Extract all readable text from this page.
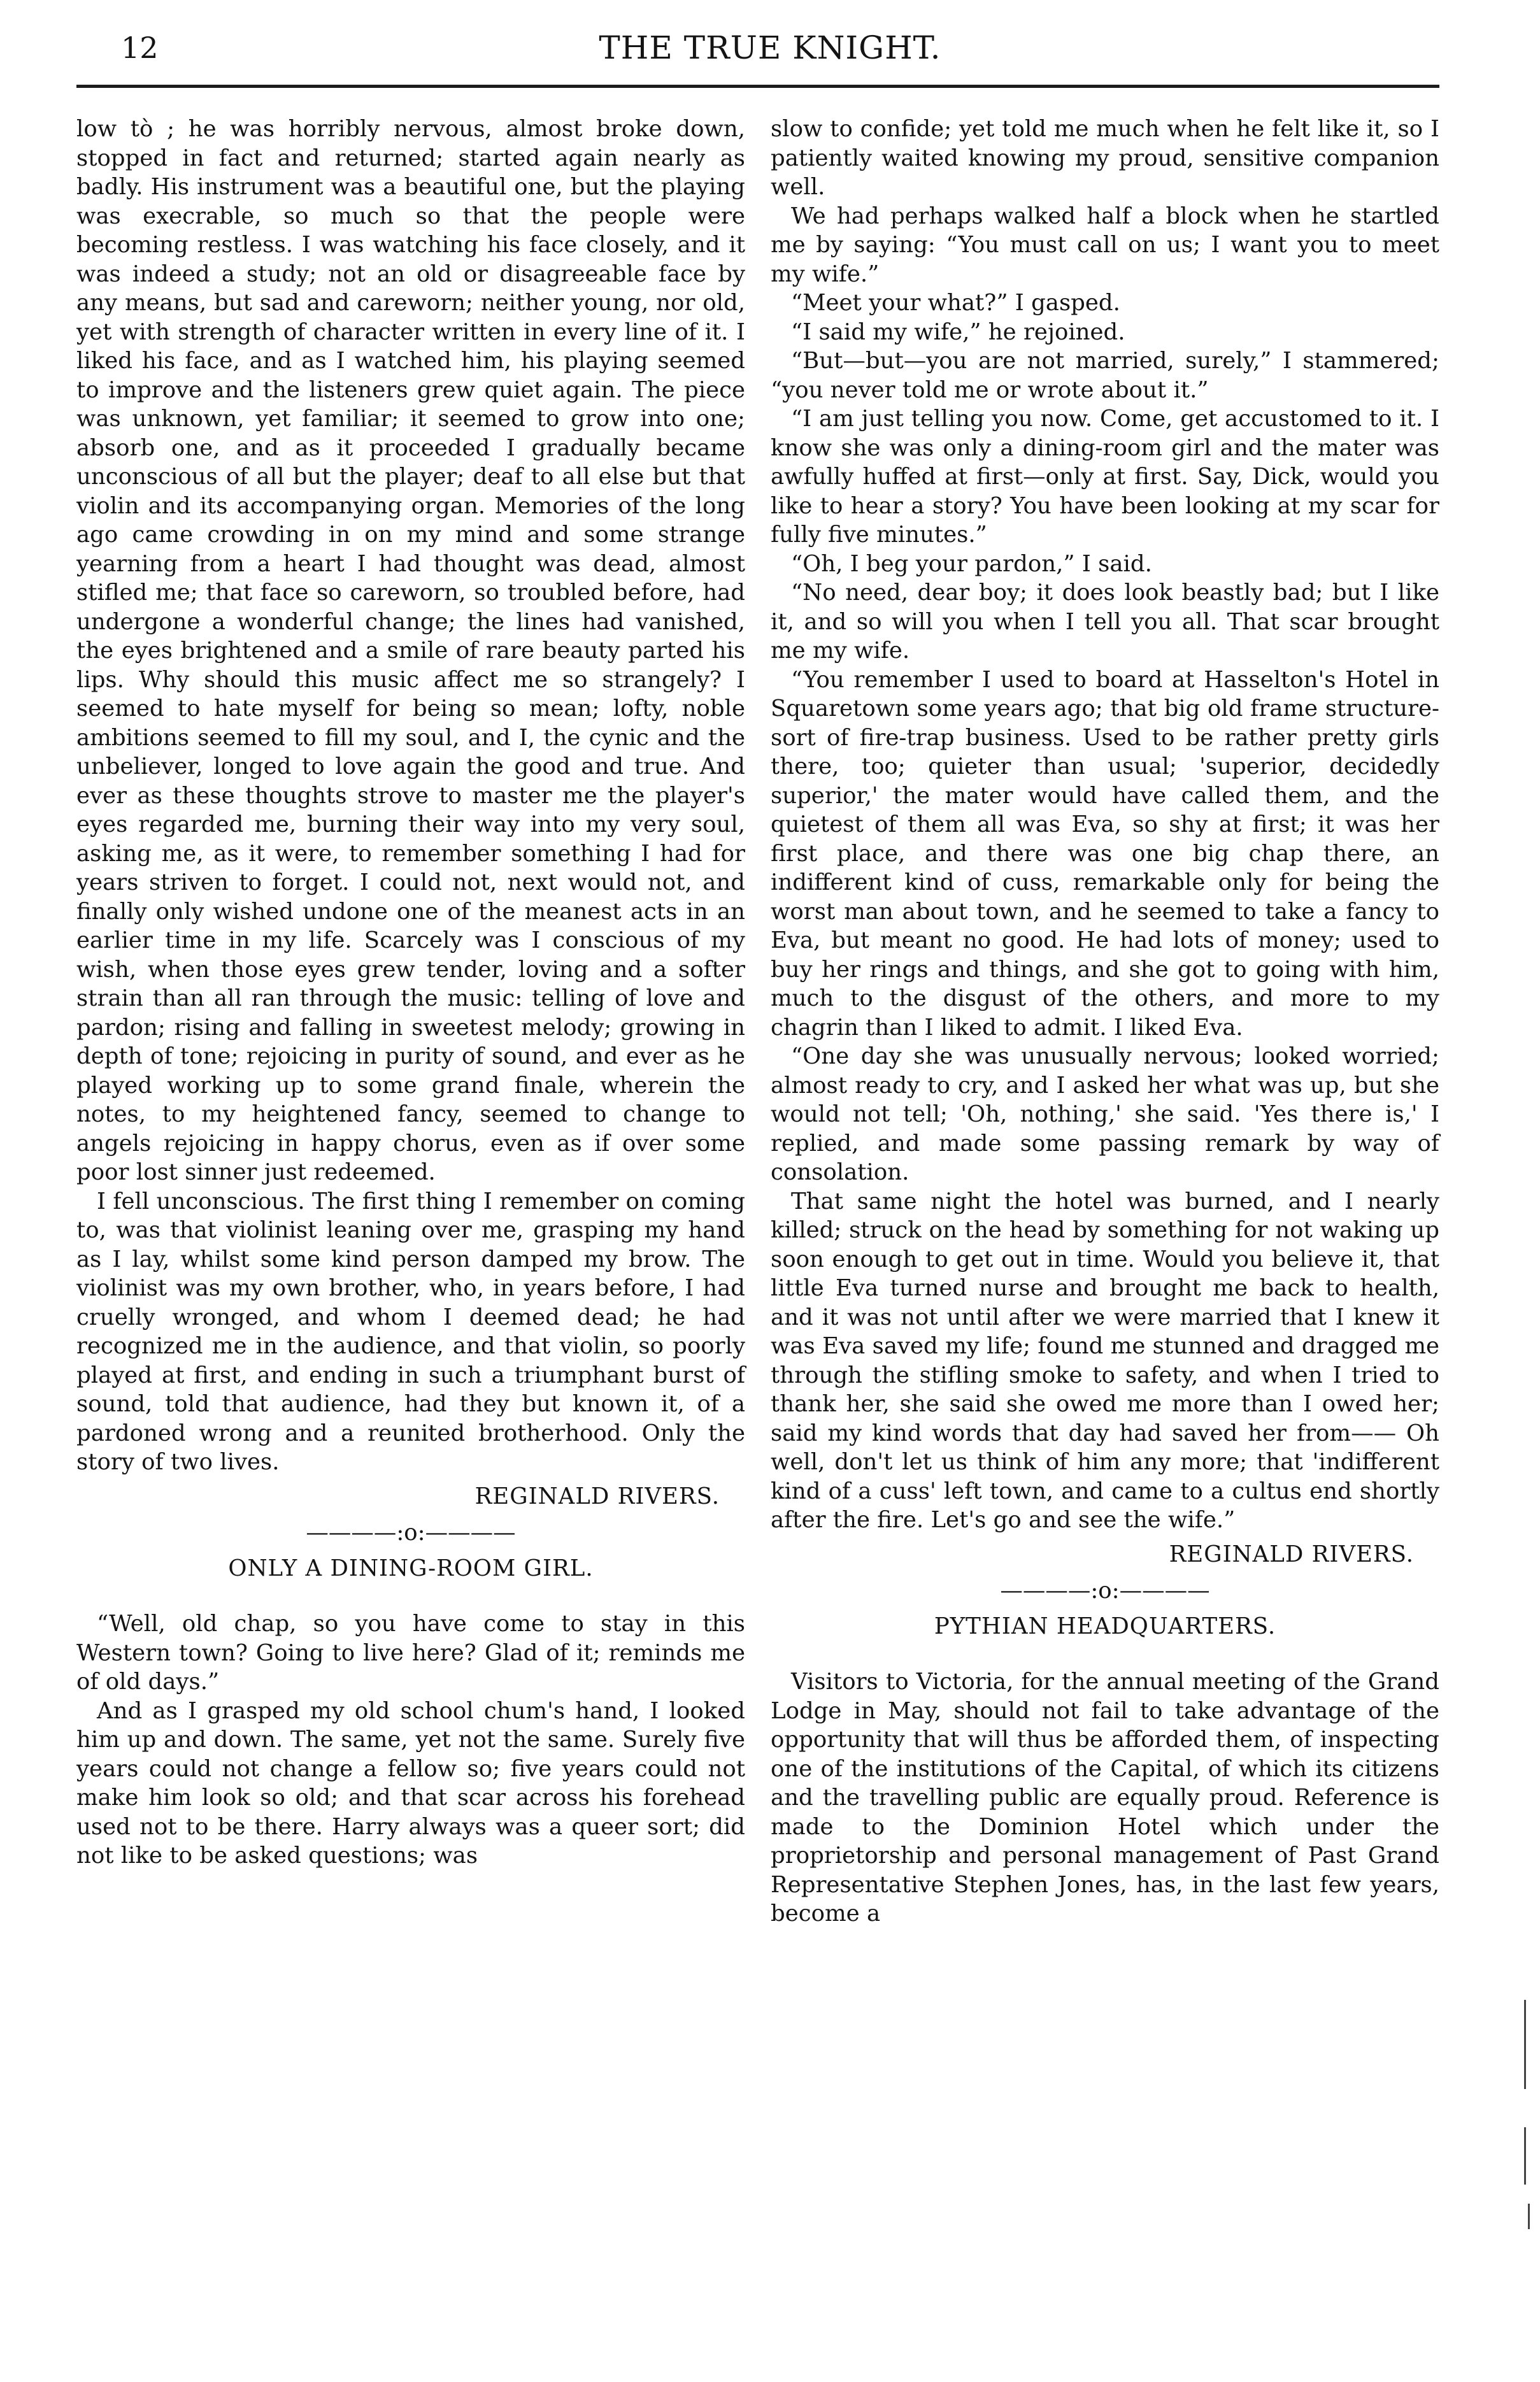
12	THE TRUE KNIGHT.

low tò ; he was horribly nervous, almost broke down, stopped in fact and returned; started again nearly as badly. His instrument was a beautiful one, but the playing was execrable, so much so that the people were becoming restless. I was watching his face closely, and it was indeed a study; not an old or disagreeable face by any means, but sad and careworn; neither young, nor old, yet with strength of character written in every line of it. I liked his face, and as I watched him, his playing seemed to improve and the listeners grew quiet again. The piece was unknown, yet familiar; it seemed to grow into one; absorb one, and as it proceeded I gradually became unconscious of all but the player; deaf to all else but that violin and its accompanying organ. Memories of the long ago came crowding in on my mind and some strange yearning from a heart I had thought was dead, almost stifled me; that face so careworn, so troubled before, had undergone a wonderful change; the lines had vanished, the eyes brightened and a smile of rare beauty parted his lips. Why should this music affect me so strangely? I seemed to hate myself for being so mean; lofty, noble ambitions seemed to fill my soul, and I, the cynic and the unbeliever, longed to love again the good and true. And ever as these thoughts strove to master me the player's eyes regarded me, burning their way into my very soul, asking me, as it were, to remember something I had for years striven to forget. I could not, next would not, and finally only wished undone one of the meanest acts in an earlier time in my life. Scarcely was I conscious of my wish, when those eyes grew tender, loving and a softer strain than all ran through the music: telling of love and pardon; rising and falling in sweetest melody; growing in depth of tone; rejoicing in purity of sound, and ever as he played working up to some grand finale, wherein the notes, to my heightened fancy, seemed to change to angels rejoicing in happy chorus, even as if over some poor lost sinner just redeemed.

I fell unconscious. The first thing I remember on coming to, was that violinist leaning over me, grasping my hand as I lay, whilst some kind person damped my brow. The violinist was my own brother, who, in years before, I had cruelly wronged, and whom I deemed dead; he had recognized me in the audience, and that violin, so poorly played at first, and ending in such a triumphant burst of sound, told that audience, had they but known it, of a pardoned wrong and a reunited brotherhood. Only the story of two lives.

REGINALD RIVERS.
————:o:————
ONLY A DINING-ROOM GIRL.

“Well, old chap, so you have come to stay in this Western town? Going to live here? Glad of it; reminds me of old days.”

And as I grasped my old school chum's hand, I looked him up and down. The same, yet not the same. Surely five years could not change a fellow so; five years could not make him look so old; and that scar across his forehead used not to be there. Harry always was a queer sort; did not like to be asked questions; was

slow to confide; yet told me much when he felt like it, so I patiently waited knowing my proud, sensitive companion well.

We had perhaps walked half a block when he startled me by saying: “You must call on us; I want you to meet my wife.”

“Meet your what?” I gasped.

“I said my wife,” he rejoined.

“But—but—you are not married, surely,” I stammered; “you never told me or wrote about it.”

“I am just telling you now. Come, get accustomed to it. I know she was only a dining-room girl and the mater was awfully huffed at first—only at first. Say, Dick, would you like to hear a story? You have been looking at my scar for fully five minutes.”

“Oh, I beg your pardon,” I said.

“No need, dear boy; it does look beastly bad; but I like it, and so will you when I tell you all. That scar brought me my wife.

“You remember I used to board at Hasselton's Hotel in Squaretown some years ago; that big old frame structure-sort of fire-trap business. Used to be rather pretty girls there, too; quieter than usual; 'superior, decidedly superior,' the mater would have called them, and the quietest of them all was Eva, so shy at first; it was her first place, and there was one big chap there, an indifferent kind of cuss, remarkable only for being the worst man about town, and he seemed to take a fancy to Eva, but meant no good. He had lots of money; used to buy her rings and things, and she got to going with him, much to the disgust of the others, and more to my chagrin than I liked to admit. I liked Eva.

“One day she was unusually nervous; looked worried; almost ready to cry, and I asked her what was up, but she would not tell; 'Oh, nothing,' she said. 'Yes there is,' I replied, and made some passing remark by way of consolation.

That same night the hotel was burned, and I nearly killed; struck on the head by something for not waking up soon enough to get out in time. Would you believe it, that little Eva turned nurse and brought me back to health, and it was not until after we were married that I knew it was Eva saved my life; found me stunned and dragged me through the stifling smoke to safety, and when I tried to thank her, she said she owed me more than I owed her; said my kind words that day had saved her from—— Oh well, don't let us think of him any more; that 'indifferent kind of a cuss' left town, and came to a cultus end shortly after the fire. Let's go and see the wife.”

REGINALD RIVERS.
————:o:————
PYTHIAN HEADQUARTERS.

Visitors to Victoria, for the annual meeting of the Grand Lodge in May, should not fail to take advantage of the opportunity that will thus be afforded them, of inspecting one of the institutions of the Capital, of which its citizens and the travelling public are equally proud. Reference is made to the Dominion Hotel which under the proprietorship and personal management of Past Grand Representative Stephen Jones, has, in the last few years, become a
